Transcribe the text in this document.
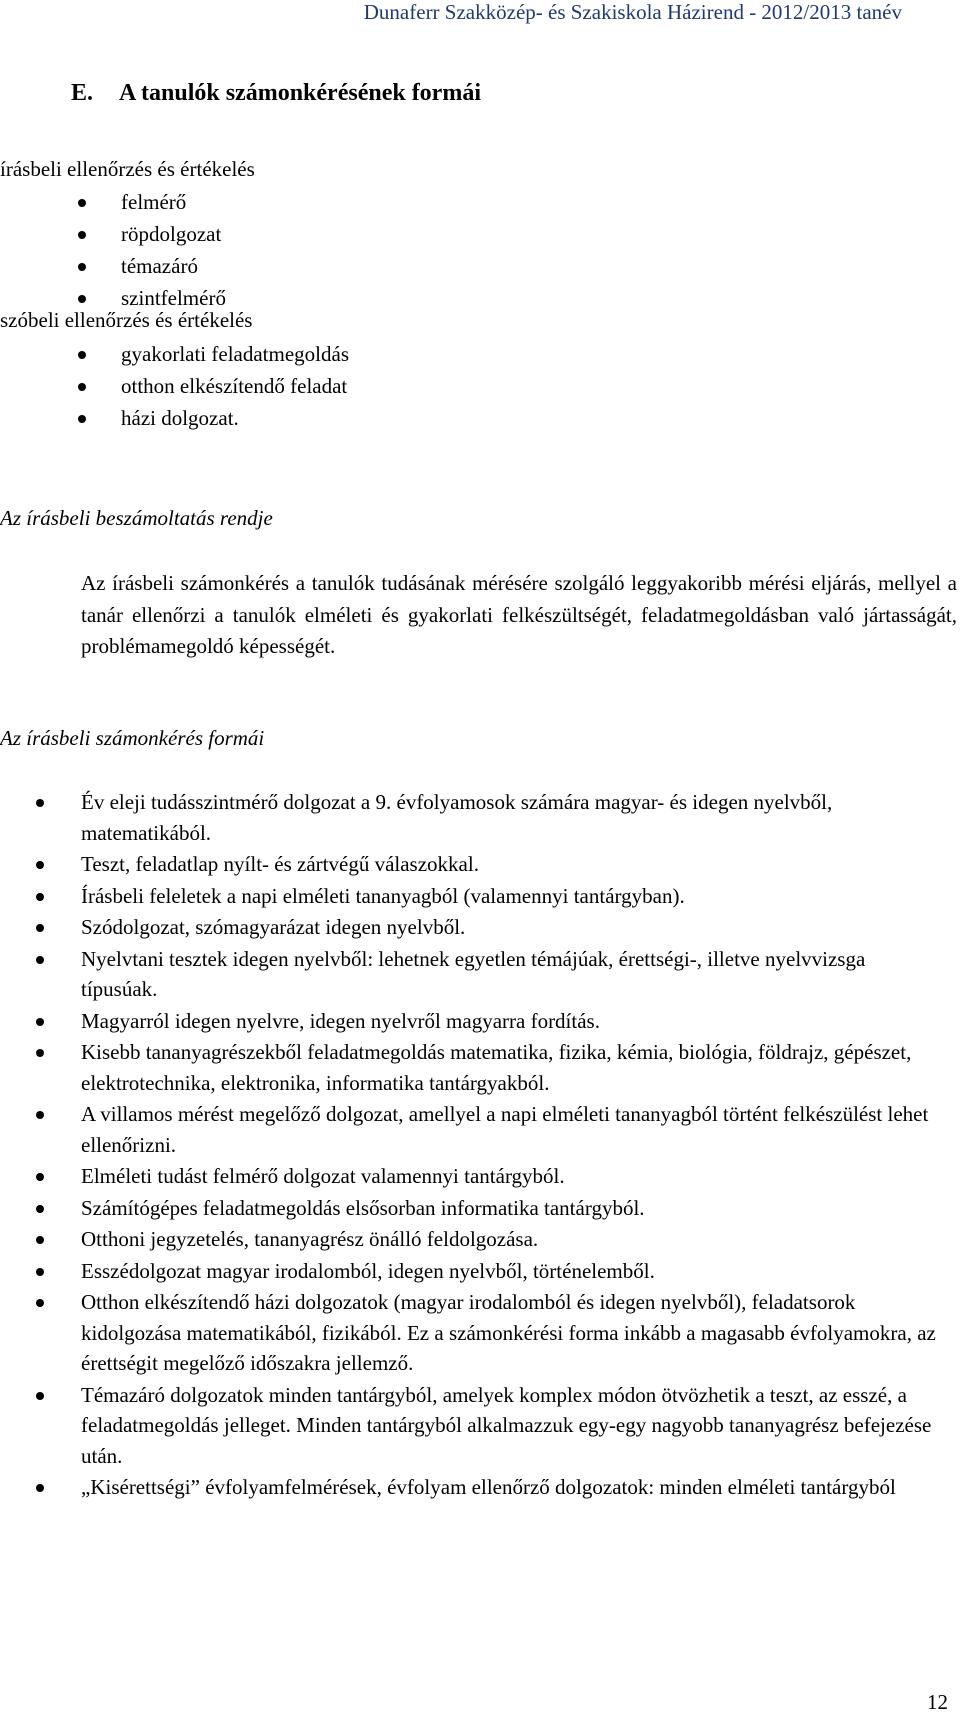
Dunaferr Szakközép- és Szakiskola Házirend - 2012/2013 tanév
E. A tanulók számonkérésének formái
írásbeli ellenőrzés és értékelés
felmérő
röpdolgozat
témazáró
szintfelmérő
szóbeli ellenőrzés és értékelés
gyakorlati feladatmegoldás
otthon elkészítendő feladat
házi dolgozat.
Az írásbeli beszámoltatás rendje
Az írásbeli számonkérés a tanulók tudásának mérésére szolgáló leggyakoribb mérési eljárás, mellyel a tanár ellenőrzi a tanulók elméleti és gyakorlati felkészültségét, feladatmegoldásban való jártasságát, problémamegoldó képességét.
Az írásbeli számonkérés formái
Év eleji tudásszintmérő dolgozat a 9. évfolyamosok számára magyar- és idegen nyelvből, matematikából.
Teszt, feladatlap nyílt- és zártvégű válaszokkal.
Írásbeli feleletek a napi elméleti tananyagból (valamennyi tantárgyban).
Szódolgozat, szómagyarázat idegen nyelvből.
Nyelvtani tesztek idegen nyelvből: lehetnek egyetlen témájúak, érettségi-, illetve nyelvvizsga típusúak.
Magyarról idegen nyelvre, idegen nyelvről magyarra fordítás.
Kisebb tananyagrészekből feladatmegoldás matematika, fizika, kémia, biológia, földrajz, gépészet, elektrotechnika, elektronika, informatika tantárgyakból.
A villamos mérést megelőző dolgozat, amellyel a napi elméleti tananyagból történt felkészülést lehet ellenőrizni.
Elméleti tudást felmérő dolgozat valamennyi tantárgyból.
Számítógépes feladatmegoldás elsősorban informatika tantárgyból.
Otthoni jegyzetelés, tananyagrész önálló feldolgozása.
Esszédolgozat magyar irodalomból, idegen nyelvből, történelemből.
Otthon elkészítendő házi dolgozatok (magyar irodalomból és idegen nyelvből), feladatsorok kidolgozása matematikából, fizikából. Ez a számonkérési forma inkább a magasabb évfolyamokra, az érettségit megelőző időszakra jellemző.
Témazáró dolgozatok minden tantárgyból, amelyek komplex módon ötvözhetik a teszt, az esszé, a feladatmegoldás jelleget. Minden tantárgyból alkalmazzuk egy-egy nagyobb tananyagrész befejezése után.
„Kisérettségi” évfolyamfelmérések, évfolyam ellenőrző dolgozatok: minden elméleti tantárgyból
12
